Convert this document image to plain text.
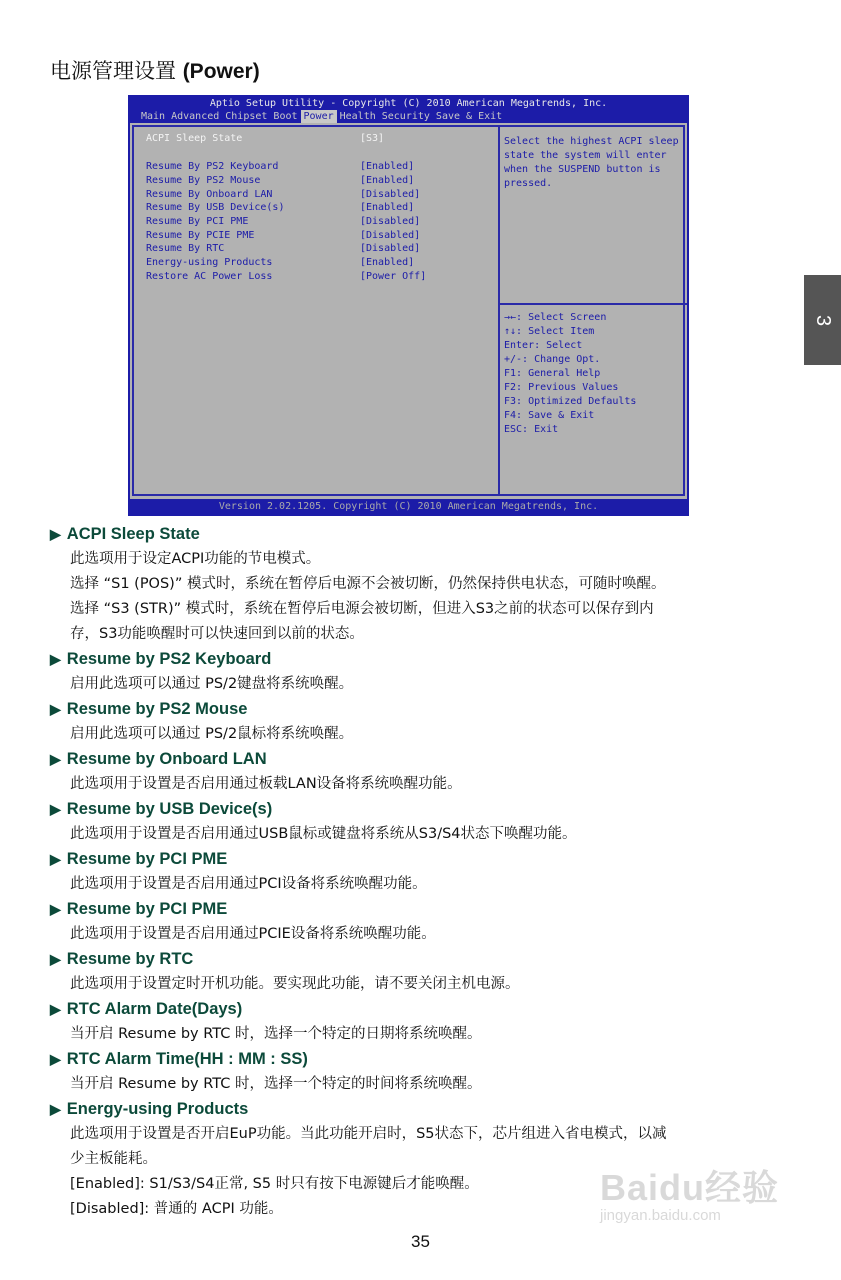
电源管理设置 (Power)
3
Aptio Setup Utility - Copyright (C) 2010 American Megatrends, Inc.
Main Advanced Chipset Boot Power Health Security Save & Exit
ACPI Sleep State	[S3]
Resume By PS2 Keyboard	[Enabled]
Resume By PS2 Mouse	[Enabled]
Resume By Onboard LAN	[Disabled]
Resume By USB Device(s)	[Enabled]
Resume By PCI PME	[Disabled]
Resume By PCIE PME	[Disabled]
Resume By RTC	[Disabled]
Energy-using Products	[Enabled]
Restore AC Power Loss	[Power Off]
Select the highest ACPI sleep
state the system will enter
when the SUSPEND button is
pressed.
→←: Select Screen
↑↓: Select Item
Enter: Select
+/-: Change Opt.
F1: General Help
F2: Previous Values
F3: Optimized Defaults
F4: Save & Exit
ESC: Exit
Version 2.02.1205. Copyright (C) 2010 American Megatrends, Inc.
▶ ACPI Sleep State
此选项用于设定ACPI功能的节电模式。
选择 “S1 (POS)” 模式时，系统在暂停后电源不会被切断，仍然保持供电状态，可随时唤醒。
选择 “S3 (STR)” 模式时，系统在暂停后电源会被切断，但进入S3之前的状态可以保存到内
存，S3功能唤醒时可以快速回到以前的状态。
▶ Resume by PS2 Keyboard
启用此选项可以通过 PS/2键盘将系统唤醒。
▶ Resume by PS2 Mouse
启用此选项可以通过 PS/2鼠标将系统唤醒。
▶ Resume by Onboard LAN
此选项用于设置是否启用通过板载LAN设备将系统唤醒功能。
▶ Resume by USB Device(s)
此选项用于设置是否启用通过USB鼠标或键盘将系统从S3/S4状态下唤醒功能。
▶ Resume by PCI PME
此选项用于设置是否启用通过PCI设备将系统唤醒功能。
▶ Resume by PCI PME
此选项用于设置是否启用通过PCIE设备将系统唤醒功能。
▶ Resume by RTC
此选项用于设置定时开机功能。要实现此功能，请不要关闭主机电源。
▶ RTC Alarm Date(Days)
当开启 Resume by RTC 时，选择一个特定的日期将系统唤醒。
▶ RTC Alarm Time(HH : MM : SS)
当开启 Resume by RTC 时，选择一个特定的时间将系统唤醒。
▶ Energy-using Products
此选项用于设置是否开启EuP功能。当此功能开启时，S5状态下，芯片组进入省电模式，以减
少主板能耗。
[Enabled]: S1/S3/S4正常, S5 时只有按下电源键后才能唤醒。
[Disabled]: 普通的 ACPI 功能。
Baidu经验
jingyan.baidu.com
35
